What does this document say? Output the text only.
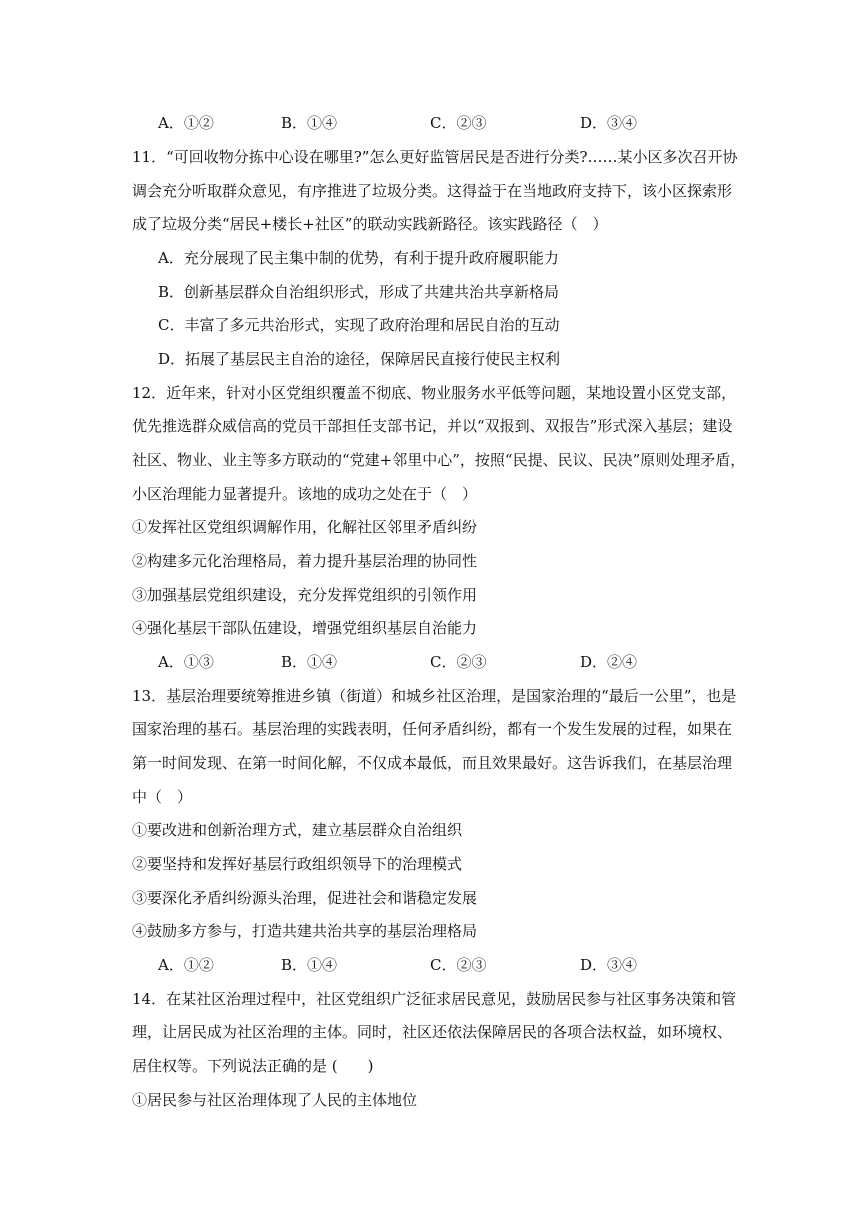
A．①②	B．①④	C．②③	D．③④
11．“可回收物分拣中心设在哪里?”怎么更好监管居民是否进行分类?……某小区多次召开协
调会充分听取群众意见，有序推进了垃圾分类。这得益于在当地政府支持下，该小区探索形
成了垃圾分类“居民+楼长+社区”的联动实践新路径。该实践路径（　）
A．充分展现了民主集中制的优势，有利于提升政府履职能力
B．创新基层群众自治组织形式，形成了共建共治共享新格局
C．丰富了多元共治形式，实现了政府治理和居民自治的互动
D．拓展了基层民主自治的途径，保障居民直接行使民主权利
12．近年来，针对小区党组织覆盖不彻底、物业服务水平低等问题，某地设置小区党支部，
优先推选群众威信高的党员干部担任支部书记，并以“双报到、双报告”形式深入基层；建设
社区、物业、业主等多方联动的“党建+邻里中心”，按照“民提、民议、民决”原则处理矛盾，
小区治理能力显著提升。该地的成功之处在于（　）
①发挥社区党组织调解作用，化解社区邻里矛盾纠纷
②构建多元化治理格局，着力提升基层治理的协同性
③加强基层党组织建设，充分发挥党组织的引领作用
④强化基层干部队伍建设，增强党组织基层自治能力
A．①③	B．①④	C．②③	D．②④
13．基层治理要统筹推进乡镇（街道）和城乡社区治理，是国家治理的“最后一公里”，也是
国家治理的基石。基层治理的实践表明，任何矛盾纠纷，都有一个发生发展的过程，如果在
第一时间发现、在第一时间化解，不仅成本最低，而且效果最好。这告诉我们，在基层治理
中（　）
①要改进和创新治理方式，建立基层群众自治组织
②要坚持和发挥好基层行政组织领导下的治理模式
③要深化矛盾纠纷源头治理，促进社会和谐稳定发展
④鼓励多方参与，打造共建共治共享的基层治理格局
A．①②	B．①④	C．②③	D．③④
14．在某社区治理过程中，社区党组织广泛征求居民意见，鼓励居民参与社区事务决策和管
理，让居民成为社区治理的主体。同时，社区还依法保障居民的各项合法权益，如环境权、
居住权等。下列说法正确的是 (　　)
①居民参与社区治理体现了人民的主体地位
